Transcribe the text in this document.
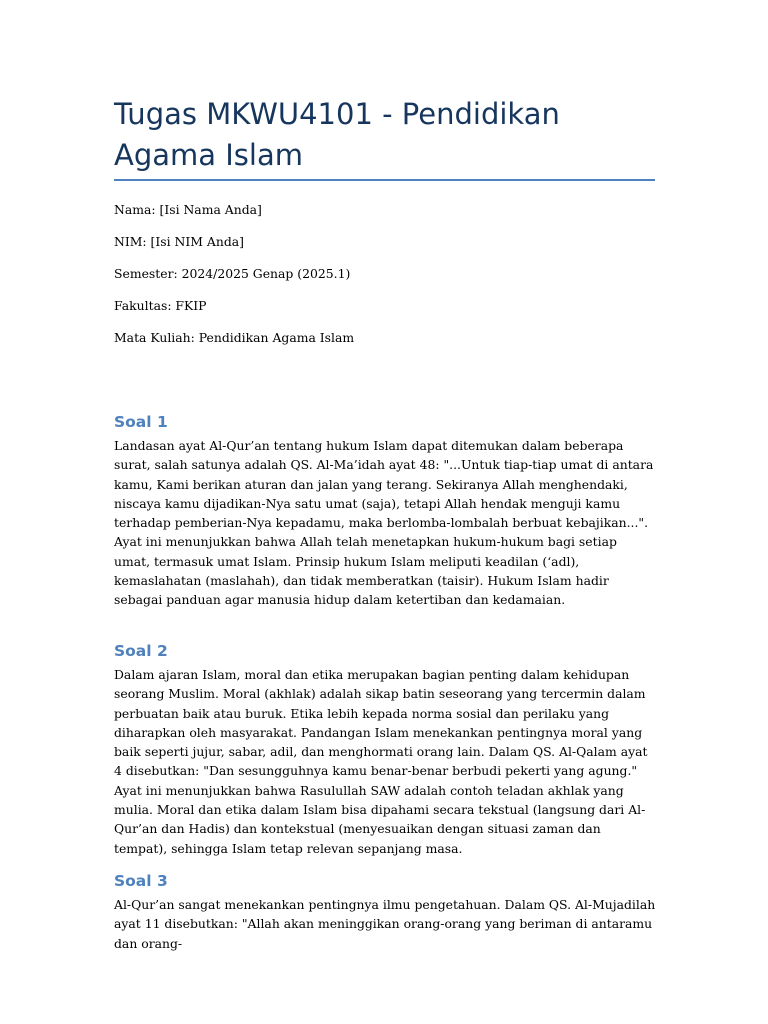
Tugas MKWU4101 - Pendidikan Agama Islam

Nama: [Isi Nama Anda]

NIM: [Isi NIM Anda]

Semester: 2024/2025 Genap (2025.1)

Fakultas: FKIP

Mata Kuliah: Pendidikan Agama Islam

Soal 1

Landasan ayat Al-Qur’an tentang hukum Islam dapat ditemukan dalam beberapa surat, salah satunya adalah QS. Al-Ma’idah ayat 48: "...Untuk tiap-tiap umat di antara kamu, Kami berikan aturan dan jalan yang terang. Sekiranya Allah menghendaki, niscaya kamu dijadikan-Nya satu umat (saja), tetapi Allah hendak menguji kamu terhadap pemberian-Nya kepadamu, maka berlomba-lombalah berbuat kebajikan...". Ayat ini menunjukkan bahwa Allah telah menetapkan hukum-hukum bagi setiap umat, termasuk umat Islam. Prinsip hukum Islam meliputi keadilan (‘adl), kemaslahatan (maslahah), dan tidak memberatkan (taisir). Hukum Islam hadir sebagai panduan agar manusia hidup dalam ketertiban dan kedamaian.

Soal 2

Dalam ajaran Islam, moral dan etika merupakan bagian penting dalam kehidupan seorang Muslim. Moral (akhlak) adalah sikap batin seseorang yang tercermin dalam perbuatan baik atau buruk. Etika lebih kepada norma sosial dan perilaku yang diharapkan oleh masyarakat. Pandangan Islam menekankan pentingnya moral yang baik seperti jujur, sabar, adil, dan menghormati orang lain. Dalam QS. Al-Qalam ayat 4 disebutkan: "Dan sesungguhnya kamu benar-benar berbudi pekerti yang agung." Ayat ini menunjukkan bahwa Rasulullah SAW adalah contoh teladan akhlak yang mulia. Moral dan etika dalam Islam bisa dipahami secara tekstual (langsung dari Al-Qur’an dan Hadis) dan kontekstual (menyesuaikan dengan situasi zaman dan tempat), sehingga Islam tetap relevan sepanjang masa.

Soal 3

Al-Qur’an sangat menekankan pentingnya ilmu pengetahuan. Dalam QS. Al-Mujadilah ayat 11 disebutkan: "Allah akan meninggikan orang-orang yang beriman di antaramu dan orang-
